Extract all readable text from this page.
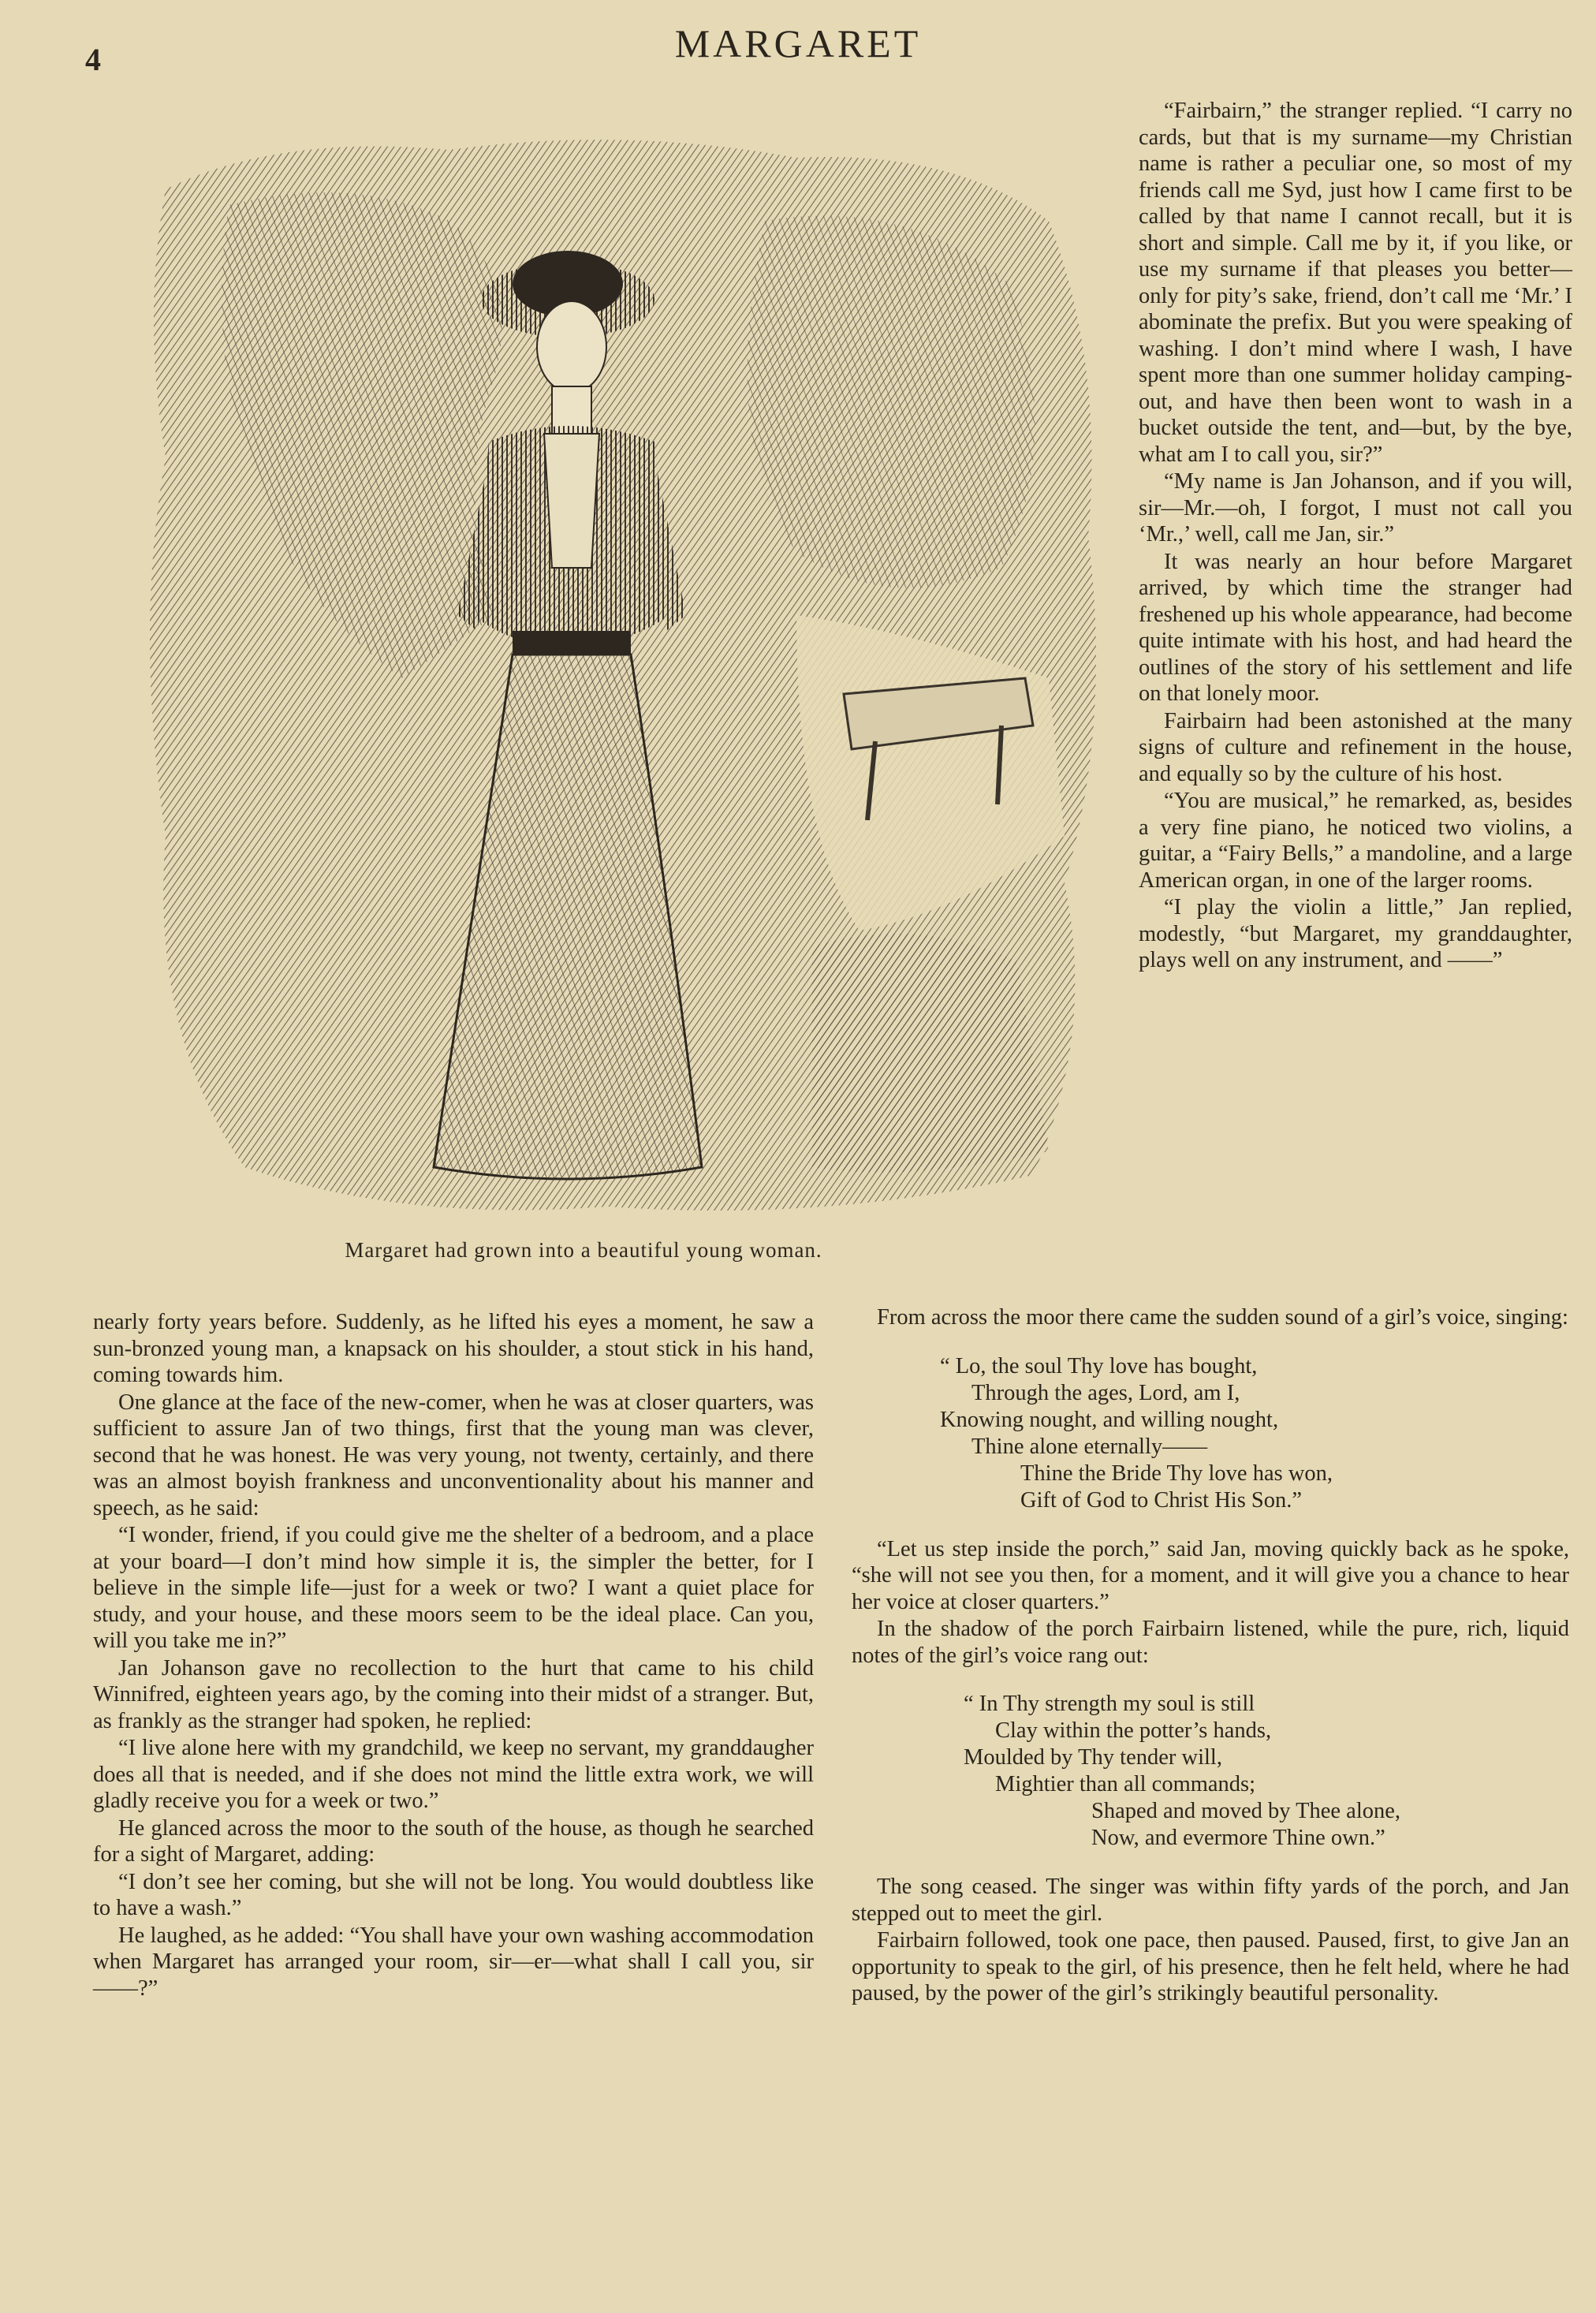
4	MARGARET
Margaret had grown into a beautiful young woman.

“Fairbairn,” the stranger replied. “I carry no cards, but that is my surname—my Christian name is rather a peculiar one, so most of my friends call me Syd, just how I came first to be called by that name I cannot recall, but it is short and simple. Call me by it, if you like, or use my surname if that pleases you better—only for pity’s sake, friend, don’t call me ‘Mr.’ I abominate the prefix. But you were speaking of washing. I don’t mind where I wash, I have spent more than one summer holiday camping-out, and have then been wont to wash in a bucket outside the tent, and—but, by the bye, what am I to call you, sir?”

“My name is Jan Johanson, and if you will, sir—Mr.—oh, I forgot, I must not call you ‘Mr.,’ well, call me Jan, sir.”

It was nearly an hour before Margaret arrived, by which time the stranger had freshened up his whole appearance, had become quite intimate with his host, and had heard the outlines of the story of his settlement and life on that lonely moor.

Fairbairn had been astonished at the many signs of culture and refinement in the house, and equally so by the culture of his host.

“You are musical,” he remarked, as, besides a very fine piano, he noticed two violins, a guitar, a “Fairy Bells,” a mandoline, and a large American organ, in one of the larger rooms.

“I play the violin a little,” Jan replied, modestly, “but Margaret, my granddaughter, plays well on any instrument, and ——”

nearly forty years before. Suddenly, as he lifted his eyes a moment, he saw a sun-bronzed young man, a knapsack on his shoulder, a stout stick in his hand, coming towards him.

One glance at the face of the new-comer, when he was at closer quarters, was sufficient to assure Jan of two things, first that the young man was clever, second that he was honest. He was very young, not twenty, certainly, and there was an almost boyish frankness and unconventionality about his manner and speech, as he said:

“I wonder, friend, if you could give me the shelter of a bedroom, and a place at your board—I don’t mind how simple it is, the simpler the better, for I believe in the simple life—just for a week or two? I want a quiet place for study, and your house, and these moors seem to be the ideal place. Can you, will you take me in?”

Jan Johanson gave no recollection to the hurt that came to his child Winnifred, eighteen years ago, by the coming into their midst of a stranger. But, as frankly as the stranger had spoken, he replied:

“I live alone here with my grandchild, we keep no servant, my granddaugher does all that is needed, and if she does not mind the little extra work, we will gladly receive you for a week or two.”

He glanced across the moor to the south of the house, as though he searched for a sight of Margaret, adding:

“I don’t see her coming, but she will not be long. You would doubtless like to have a wash.”

He laughed, as he added: “You shall have your own washing accommodation when Margaret has arranged your room, sir—er—what shall I call you, sir——?”

From across the moor there came the sudden sound of a girl’s voice, singing:

“ Lo, the soul Thy love has bought,
Through the ages, Lord, am I,
Knowing nought, and willing nought,
Thine alone eternally——
Thine the Bride Thy love has won,
Gift of God to Christ His Son.”

“Let us step inside the porch,” said Jan, moving quickly back as he spoke, “she will not see you then, for a moment, and it will give you a chance to hear her voice at closer quarters.”

In the shadow of the porch Fairbairn listened, while the pure, rich, liquid notes of the girl’s voice rang out:

“ In Thy strength my soul is still
Clay within the potter’s hands,
Moulded by Thy tender will,
Mightier than all commands;
Shaped and moved by Thee alone,
Now, and evermore Thine own.”

The song ceased. The singer was within fifty yards of the porch, and Jan stepped out to meet the girl.

Fairbairn followed, took one pace, then paused. Paused, first, to give Jan an opportunity to speak to the girl, of his presence, then he felt held, where he had paused, by the power of the girl’s strikingly beautiful personality.
